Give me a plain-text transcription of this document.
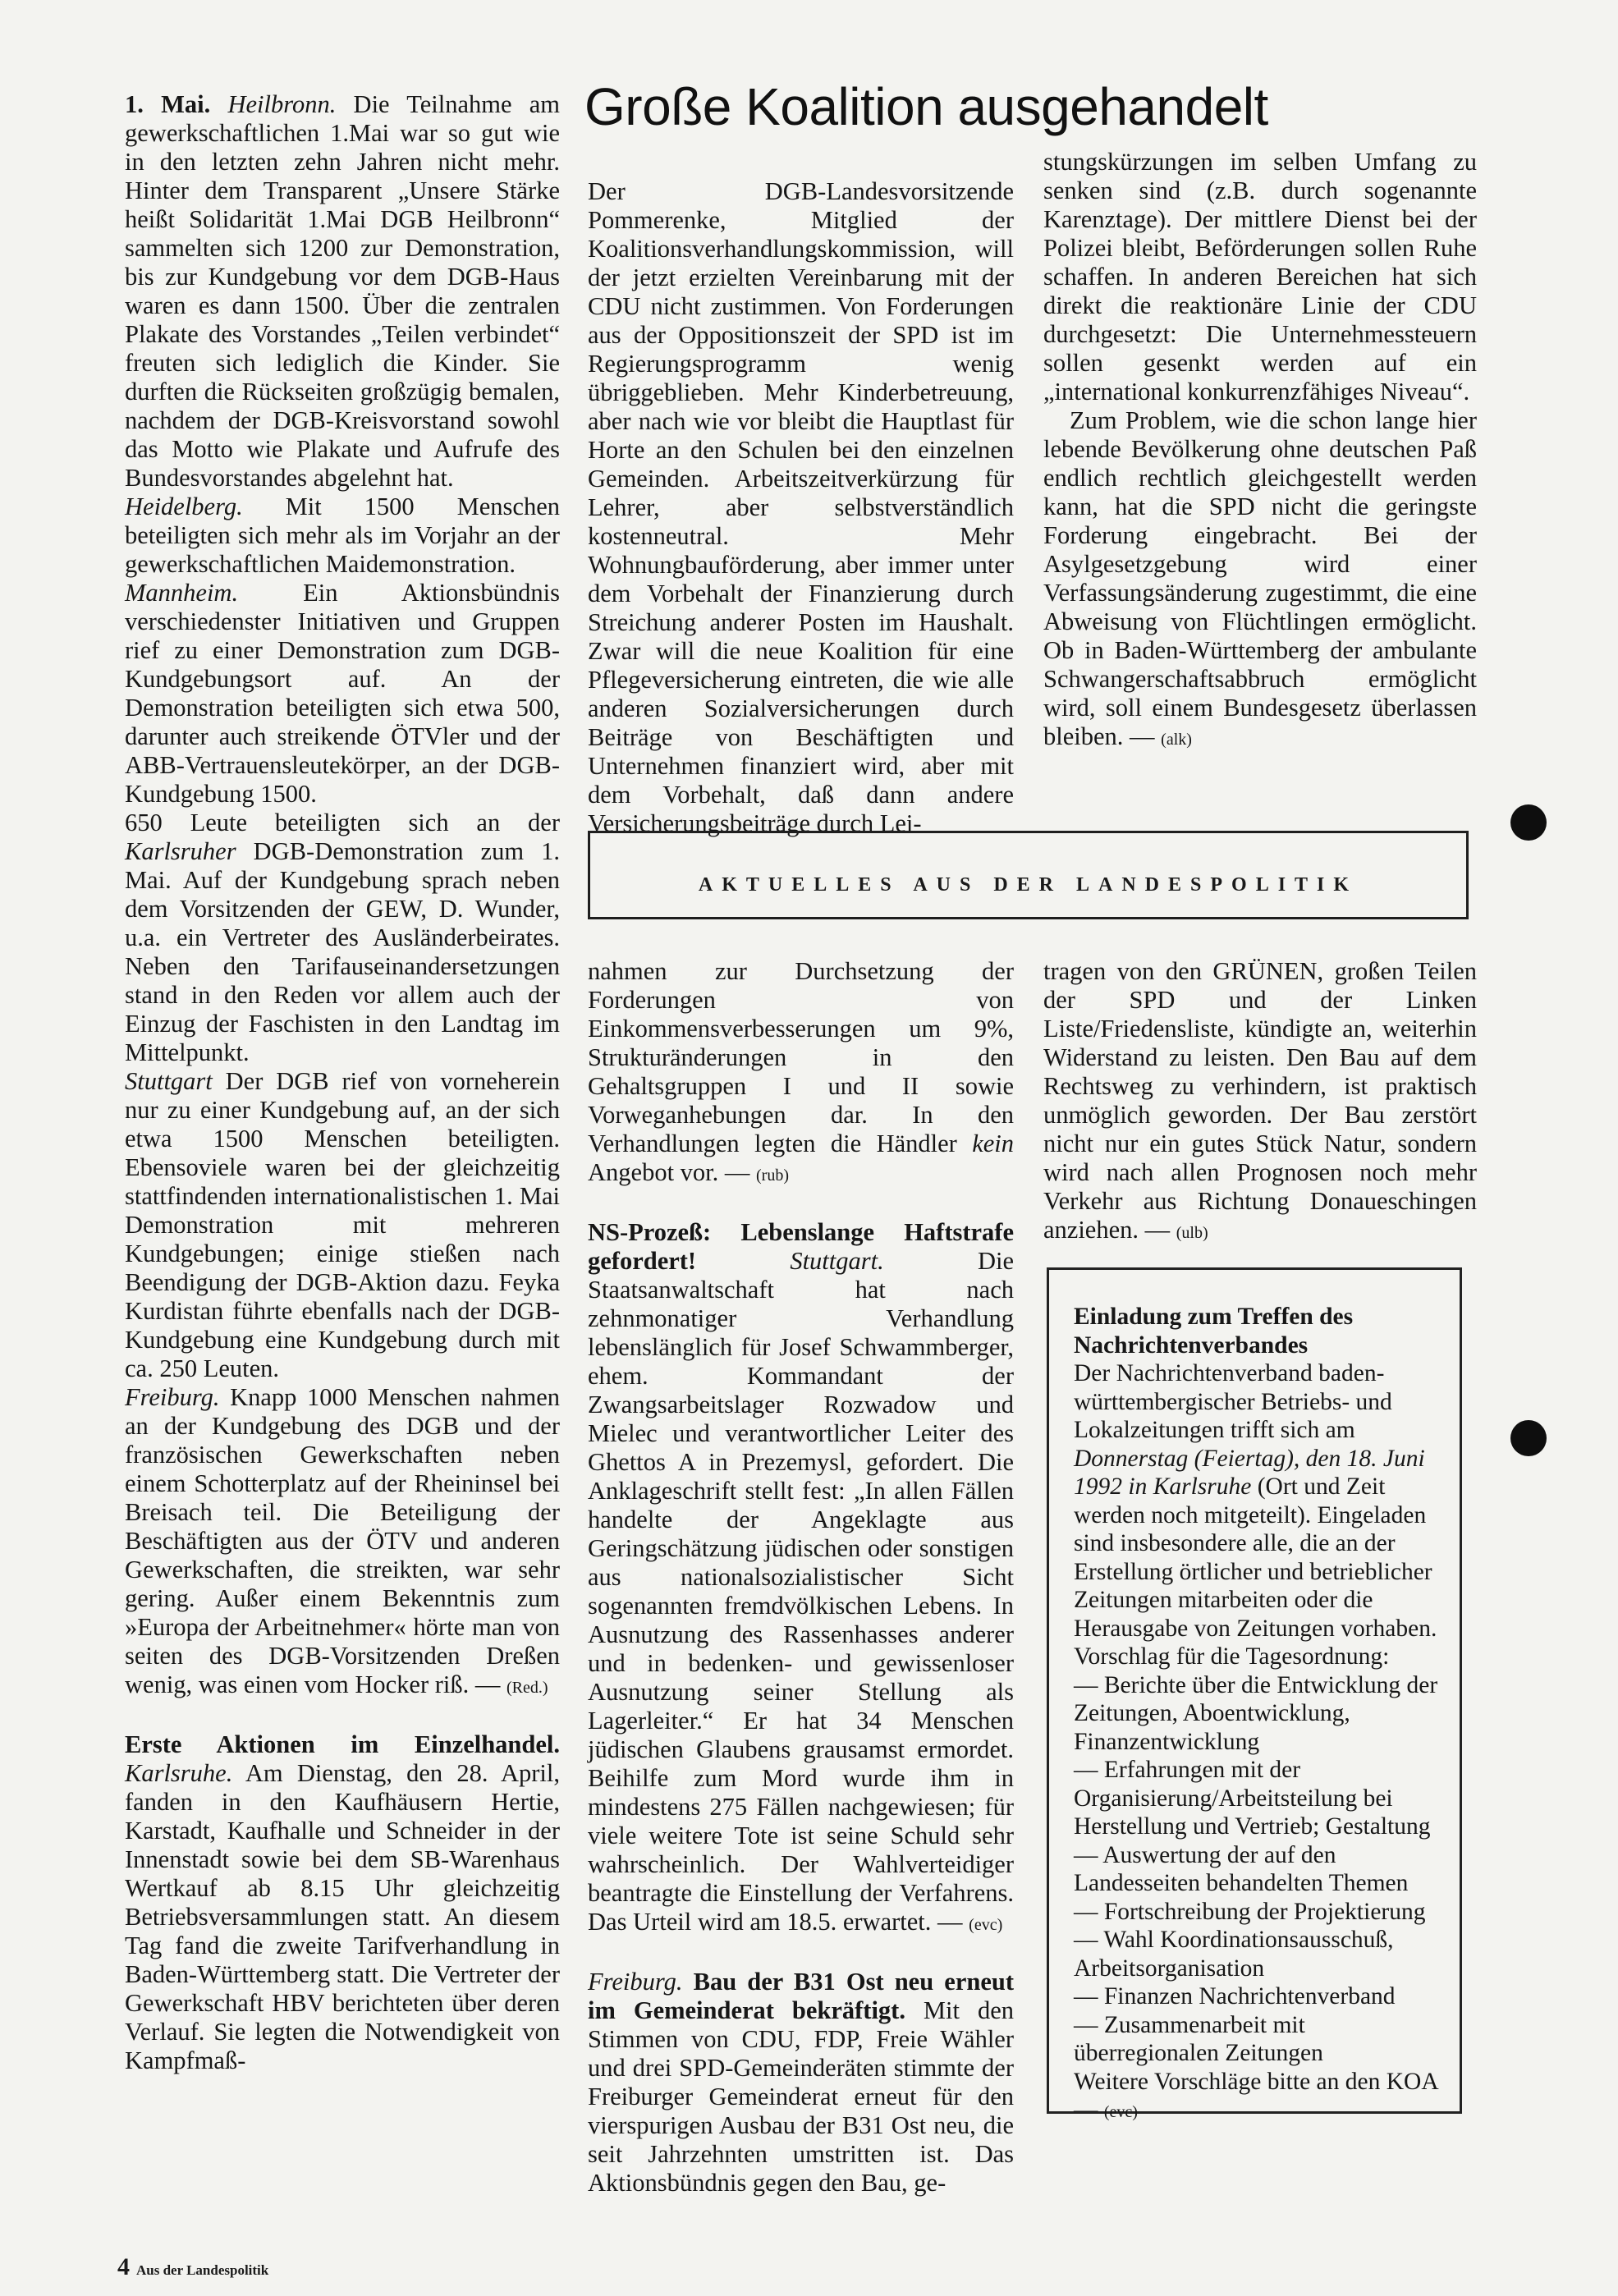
1. Mai. Heilbronn. Die Teilnahme am gewerkschaftlichen 1.Mai war so gut wie in den letzten zehn Jahren nicht mehr. Hinter dem Transparent „Unsere Stärke heißt Solidarität 1.Mai DGB Heilbronn“ sammelten sich 1200 zur Demonstration, bis zur Kundgebung vor dem DGB-Haus waren es dann 1500. Über die zentralen Plakate des Vorstandes „Teilen verbindet“ freuten sich lediglich die Kinder. Sie durften die Rückseiten großzügig bemalen, nachdem der DGB-Kreisvorstand sowohl das Motto wie Plakate und Aufrufe des Bundesvorstandes abgelehnt hat.

Heidelberg. Mit 1500 Menschen beteiligten sich mehr als im Vorjahr an der gewerkschaftlichen Maidemonstration.

Mannheim. Ein Aktionsbündnis verschiedenster Initiativen und Gruppen rief zu einer Demonstration zum DGB-Kundgebungsort auf. An der Demonstration beteiligten sich etwa 500, darunter auch streikende ÖTVler und der ABB-Vertrauensleutekörper, an der DGB-Kundgebung 1500.

650 Leute beteiligten sich an der Karlsruher DGB-Demonstration zum 1. Mai. Auf der Kundgebung sprach neben dem Vorsitzenden der GEW, D. Wunder, u.a. ein Vertreter des Ausländerbeirates. Neben den Tarifauseinandersetzungen stand in den Reden vor allem auch der Einzug der Faschisten in den Landtag im Mittelpunkt.

Stuttgart Der DGB rief von vorneherein nur zu einer Kundgebung auf, an der sich etwa 1500 Menschen beteiligten. Ebensoviele waren bei der gleichzeitig stattfindenden internationalistischen 1. Mai Demonstration mit mehreren Kundgebungen; einige stießen nach Beendigung der DGB-Aktion dazu. Feyka Kurdistan führte ebenfalls nach der DGB-Kundgebung eine Kundgebung durch mit ca. 250 Leuten.

Freiburg. Knapp 1000 Menschen nahmen an der Kundgebung des DGB und der französischen Gewerkschaften neben einem Schotterplatz auf der Rheininsel bei Breisach teil. Die Beteiligung der Beschäftigten aus der ÖTV und anderen Gewerkschaften, die streikten, war sehr gering. Außer einem Bekenntnis zum »Europa der Arbeitnehmer« hörte man von seiten des DGB-Vorsitzenden Dreßen wenig, was einen vom Hocker riß. — (Red.)

Erste Aktionen im Einzelhandel. Karlsruhe. Am Dienstag, den 28. April, fanden in den Kaufhäusern Hertie, Karstadt, Kaufhalle und Schneider in der Innenstadt sowie bei dem SB-Warenhaus Wertkauf ab 8.15 Uhr gleichzeitig Betriebsversammlungen statt. An diesem Tag fand die zweite Tarifverhandlung in Baden-Württemberg statt. Die Vertreter der Gewerkschaft HBV berichteten über deren Verlauf. Sie legten die Notwendigkeit von Kampfmaß-

Große Koalition ausgehandelt

Der DGB-Landesvorsitzende Pommerenke, Mitglied der Koalitionsverhandlungskommission, will der jetzt erzielten Vereinbarung mit der CDU nicht zustimmen. Von Forderungen aus der Oppositionszeit der SPD ist im Regierungsprogramm wenig übriggeblieben. Mehr Kinderbetreuung, aber nach wie vor bleibt die Hauptlast für Horte an den Schulen bei den einzelnen Gemeinden. Arbeitszeitverkürzung für Lehrer, aber selbstverständlich kostenneutral. Mehr Wohnungbauförderung, aber immer unter dem Vorbehalt der Finanzierung durch Streichung anderer Posten im Haushalt. Zwar will die neue Koalition für eine Pflegeversicherung eintreten, die wie alle anderen Sozialversicherungen durch Beiträge von Beschäftigten und Unternehmen finanziert wird, aber mit dem Vorbehalt, daß dann andere Versicherungsbeiträge durch Lei-

stungskürzungen im selben Umfang zu senken sind (z.B. durch sogenannte Karenztage). Der mittlere Dienst bei der Polizei bleibt, Beförderungen sollen Ruhe schaffen. In anderen Bereichen hat sich direkt die reaktionäre Linie der CDU durchgesetzt: Die Unternehmessteuern sollen gesenkt werden auf ein „international konkurrenzfähiges Niveau“.

Zum Problem, wie die schon lange hier lebende Bevölkerung ohne deutschen Paß endlich rechtlich gleichgestellt werden kann, hat die SPD nicht die geringste Forderung eingebracht. Bei der Asylgesetzgebung wird einer Verfassungsänderung zugestimmt, die eine Abweisung von Flüchtlingen ermöglicht. Ob in Baden-Württemberg der ambulante Schwangerschaftsabbruch ermöglicht wird, soll einem Bundesgesetz überlassen bleiben. — (alk)

AKTUELLES AUS DER LANDESPOLITIK

nahmen zur Durchsetzung der Forderungen von Einkommensverbesserungen um 9%, Strukturänderungen in den Gehaltsgruppen I und II sowie Vorweganhebungen dar. In den Verhandlungen legten die Händler kein Angebot vor. — (rub)

NS-Prozeß: Lebenslange Haftstrafe gefordert! Stuttgart. Die Staatsanwaltschaft hat nach zehnmonatiger Verhandlung lebenslänglich für Josef Schwammberger, ehem. Kommandant der Zwangsarbeitslager Rozwadow und Mielec und verantwortlicher Leiter des Ghettos A in Prezemysl, gefordert. Die Anklageschrift stellt fest: „In allen Fällen handelte der Angeklagte aus Geringschätzung jüdischen oder sonstigen aus nationalsozialistischer Sicht sogenannten fremdvölkischen Lebens. In Ausnutzung des Rassenhasses anderer und in bedenken- und gewissenloser Ausnutzung seiner Stellung als Lagerleiter.“ Er hat 34 Menschen jüdischen Glaubens grausamst ermordet. Beihilfe zum Mord wurde ihm in mindestens 275 Fällen nachgewiesen; für viele weitere Tote ist seine Schuld sehr wahrscheinlich. Der Wahlverteidiger beantragte die Einstellung der Verfahrens. Das Urteil wird am 18.5. erwartet. — (evc)

Freiburg. Bau der B31 Ost neu erneut im Gemeinderat bekräftigt. Mit den Stimmen von CDU, FDP, Freie Wähler und drei SPD-Gemeinderäten stimmte der Freiburger Gemeinderat erneut für den vierspurigen Ausbau der B31 Ost neu, die seit Jahrzehnten umstritten ist. Das Aktionsbündnis gegen den Bau, ge-

tragen von den GRÜNEN, großen Teilen der SPD und der Linken Liste/Friedensliste, kündigte an, weiterhin Widerstand zu leisten. Den Bau auf dem Rechtsweg zu verhindern, ist praktisch unmöglich geworden. Der Bau zerstört nicht nur ein gutes Stück Natur, sondern wird nach allen Prognosen noch mehr Verkehr aus Richtung Donaueschingen anziehen. — (ulb)

Einladung zum Treffen des Nachrichtenverbandes

Der Nachrichtenverband baden-württembergischer Betriebs- und Lokalzeitungen trifft sich am Donnerstag (Feiertag), den 18. Juni 1992 in Karlsruhe (Ort und Zeit werden noch mitgeteilt). Eingeladen sind insbesondere alle, die an der Erstellung örtlicher und betrieblicher Zeitungen mitarbeiten oder die Herausgabe von Zeitungen vorhaben. Vorschlag für die Tagesordnung:

— Berichte über die Entwicklung der Zeitungen, Aboentwicklung, Finanzentwicklung

— Erfahrungen mit der Organisierung/Arbeitsteilung bei Herstellung und Vertrieb; Gestaltung

— Auswertung der auf den Landesseiten behandelten Themen

— Fortschreibung der Projektierung

— Wahl Koordinationsausschuß, Arbeitsorganisation

— Finanzen Nachrichtenverband

— Zusammenarbeit mit überregionalen Zeitungen

Weitere Vorschläge bitte an den KOA — (evc)

4 Aus der Landespolitik
